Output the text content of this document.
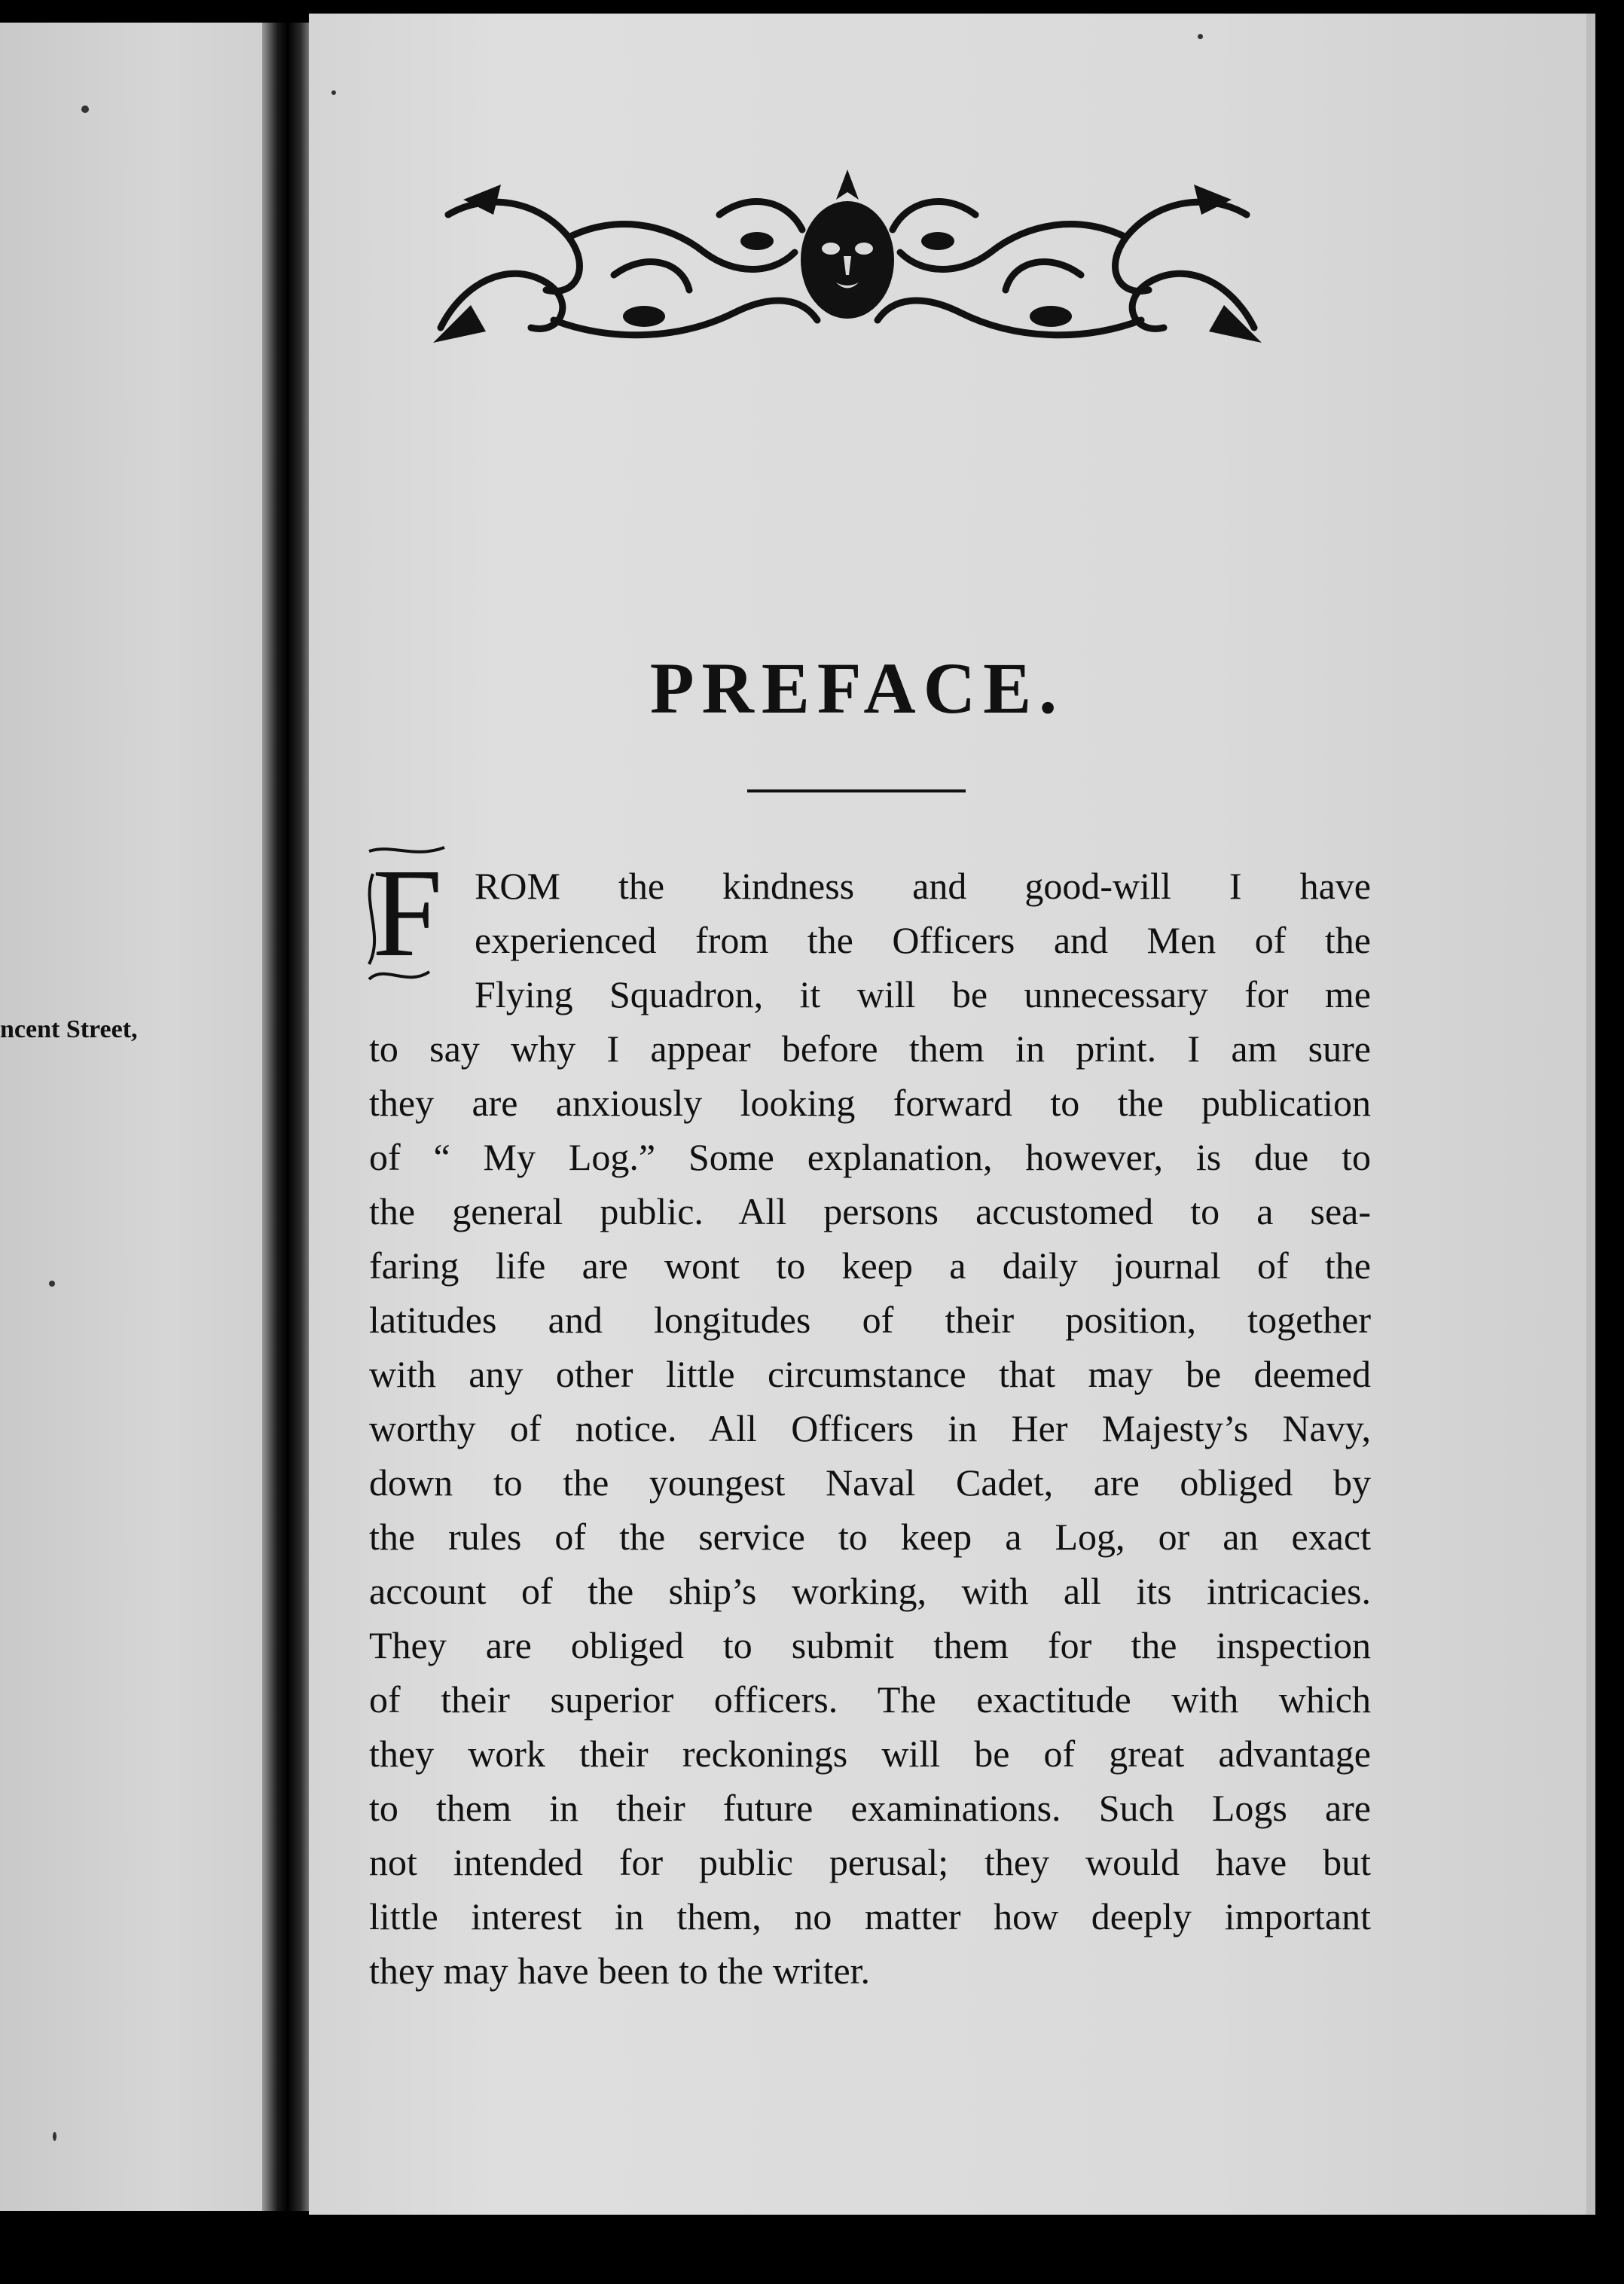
ncent Street,
PREFACE.
F ROM the kindness and good-will I have
experienced from the Officers and Men of the
Flying Squadron, it will be unnecessary for me
to say why I appear before them in print. I am sure
they are anxiously looking forward to the publication
of “ My Log.” Some explanation, however, is due to
the general public. All persons accustomed to a sea-
faring life are wont to keep a daily journal of the
latitudes and longitudes of their position, together
with any other little circumstance that may be deemed
worthy of notice. All Officers in Her Majesty’s Navy,
down to the youngest Naval Cadet, are obliged by
the rules of the service to keep a Log, or an exact
account of the ship’s working, with all its intricacies.
They are obliged to submit them for the inspection
of their superior officers. The exactitude with which
they work their reckonings will be of great advantage
to them in their future examinations. Such Logs are
not intended for public perusal; they would have but
little interest in them, no matter how deeply important
they may have been to the writer.
